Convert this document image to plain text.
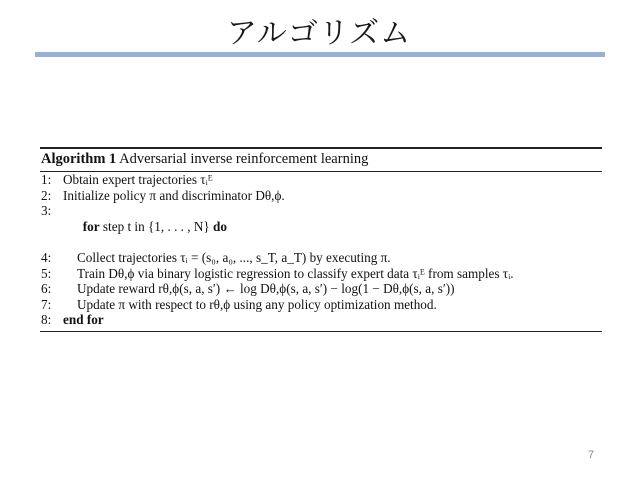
アルゴリズム
Algorithm 1 Adversarial inverse reinforcement learning
1: Obtain expert trajectories τᵢᴱ
2: Initialize policy π and discriminator Dθ,ϕ.
3:

for step t in {1, . . . , N} do

4:	Collect trajectories τᵢ = (s₀, a₀, ..., s_T, a_T) by executing π.
5:	Train Dθ,ϕ via binary logistic regression to classify expert data τᵢᴱ from samples τᵢ.
6:	Update reward rθ,ϕ(s, a, s′) ← log Dθ,ϕ(s, a, s′) − log(1 − Dθ,ϕ(s, a, s′))
7:	Update π with respect to rθ,ϕ using any policy optimization method.
8: end for
7
